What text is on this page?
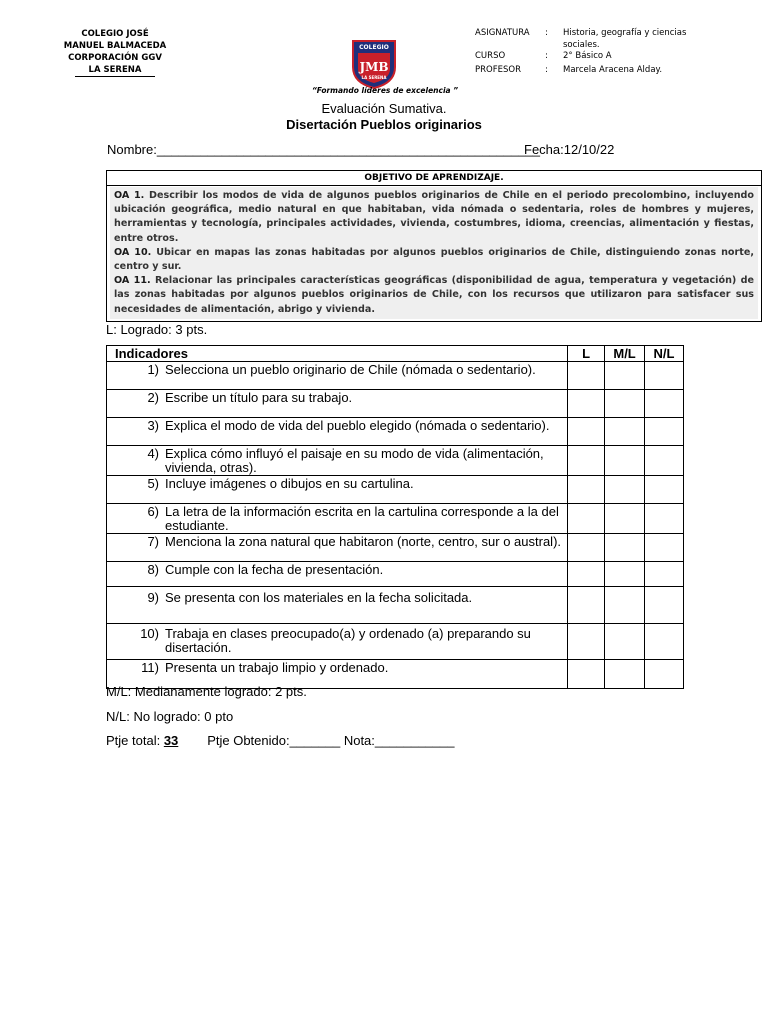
COLEGIO JOSÉ
MANUEL BALMACEDA
CORPORACIÓN GGV
LA SERENA
COLEGIO
JMB
LA SERENA
“Formando líderes de excelencia ”
ASIGNATURA	:	Historia, geografía y ciencias sociales.
CURSO	:	2° Básico A
PROFESOR	:	Marcela Aracena Alday.
Evaluación Sumativa.
Disertación Pueblos originarios
Nombre:_____________________________________________________
Fecha:12/10/22
OBJETIVO DE APRENDIZAJE.

OA 1. Describir los modos de vida de algunos pueblos originarios de Chile en el periodo precolombino, incluyendo ubicación geográfica, medio natural en que habitaban, vida nómada o sedentaria, roles de hombres y mujeres, herramientas y tecnología, principales actividades, vivienda, costumbres, idioma, creencias, alimentación y fiestas, entre otros.

OA 10. Ubicar en mapas las zonas habitadas por algunos pueblos originarios de Chile, distinguiendo zonas norte, centro y sur.

OA 11. Relacionar las principales características geográficas (disponibilidad de agua, temperatura y vegetación) de las zonas habitadas por algunos pueblos originarios de Chile, con los recursos que utilizaron para satisfacer sus necesidades de alimentación, abrigo y vivienda.

L: Logrado: 3 pts.
Indicadores	L	M/L	N/L

1) Selecciona un pueblo originario de Chile (nómada o sedentario).			

2) Escribe un título para su trabajo.			

3) Explica el modo de vida del pueblo elegido (nómada o sedentario).			

4) Explica cómo influyó el paisaje en su modo de vida (alimentación, vivienda, otras).			

5) Incluye imágenes o dibujos en su cartulina.			

6) La letra de la información escrita en la cartulina corresponde a la del estudiante.			

7) Menciona la zona natural que habitaron (norte, centro, sur o austral).			

8) Cumple con la fecha de presentación.			

9) Se presenta con los materiales en la fecha solicitada.			

10) Trabaja en clases preocupado(a) y ordenado (a) preparando su disertación.			

11) Presenta un trabajo limpio y ordenado.			

M/L: Medianamente logrado: 2 pts.
N/L: No logrado: 0 pto
Ptje total: 33 Ptje Obtenido:_______ Nota:___________
